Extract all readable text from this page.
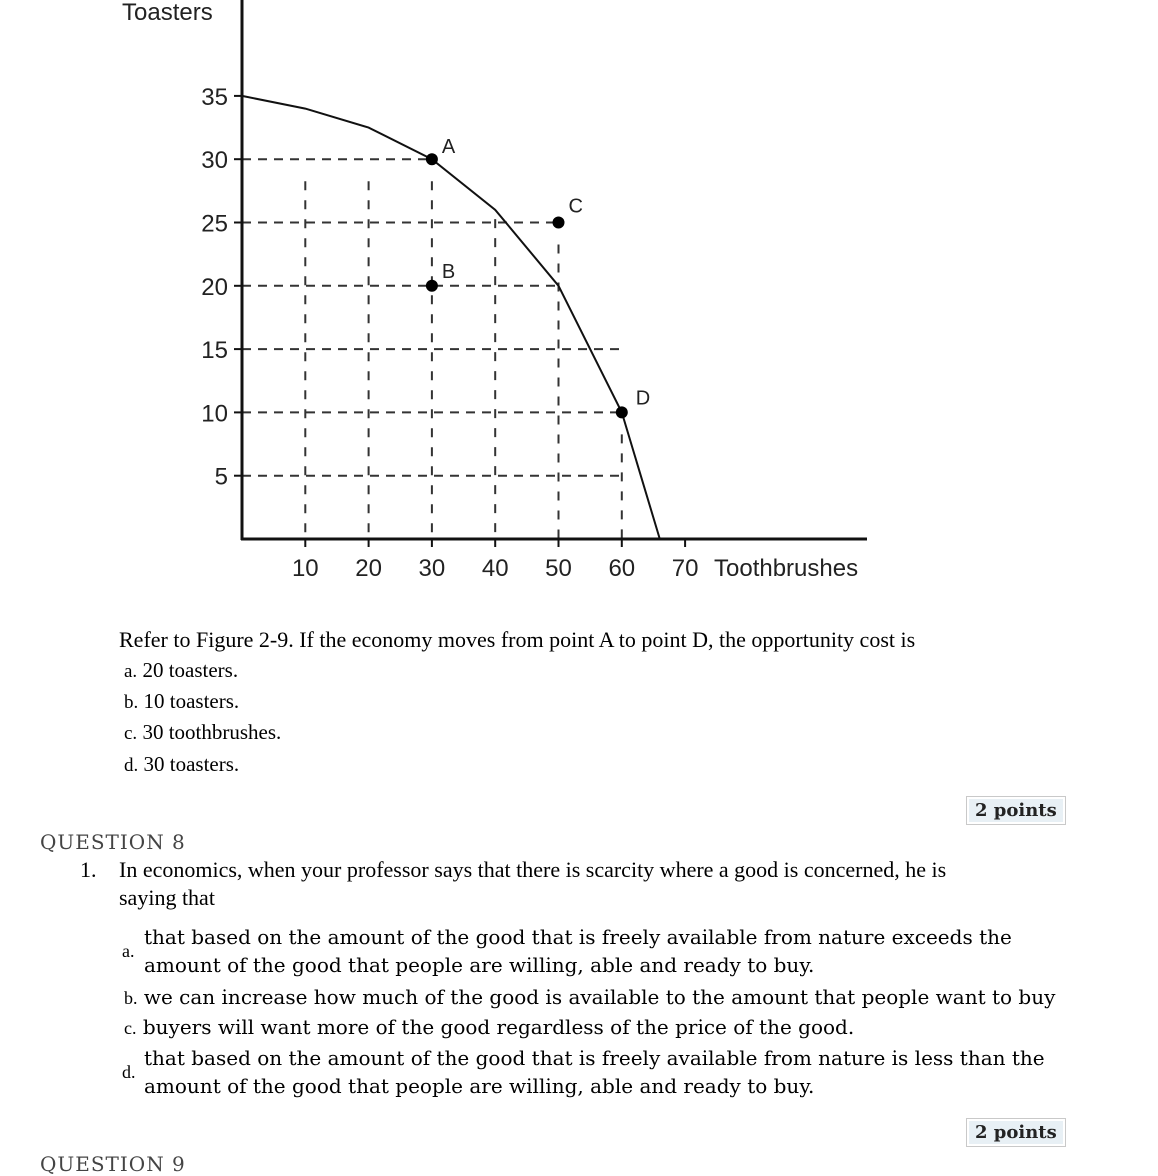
5
10
15
20
25
30
35
10 20 30 40 50 60 70
A
B
C
D
Toasters
Toothbrushes
Refer to Figure 2-9. If the economy moves from point A to point D, the opportunity cost is
a. 20 toasters.
b. 10 toasters.
c. 30 toothbrushes.
d. 30 toasters.
2 points
QUESTION 8
1. In economics, when your professor says that there is scarcity where a good is concerned, he is
saying that
a.
that based on the amount of the good that is freely available from nature exceeds the
amount of the good that people are willing, able and ready to buy.
b. we can increase how much of the good is available to the amount that people want to buy
c. buyers will want more of the good regardless of the price of the good.
d.
that based on the amount of the good that is freely available from nature is less than the
amount of the good that people are willing, able and ready to buy.
2 points
QUESTION 9
